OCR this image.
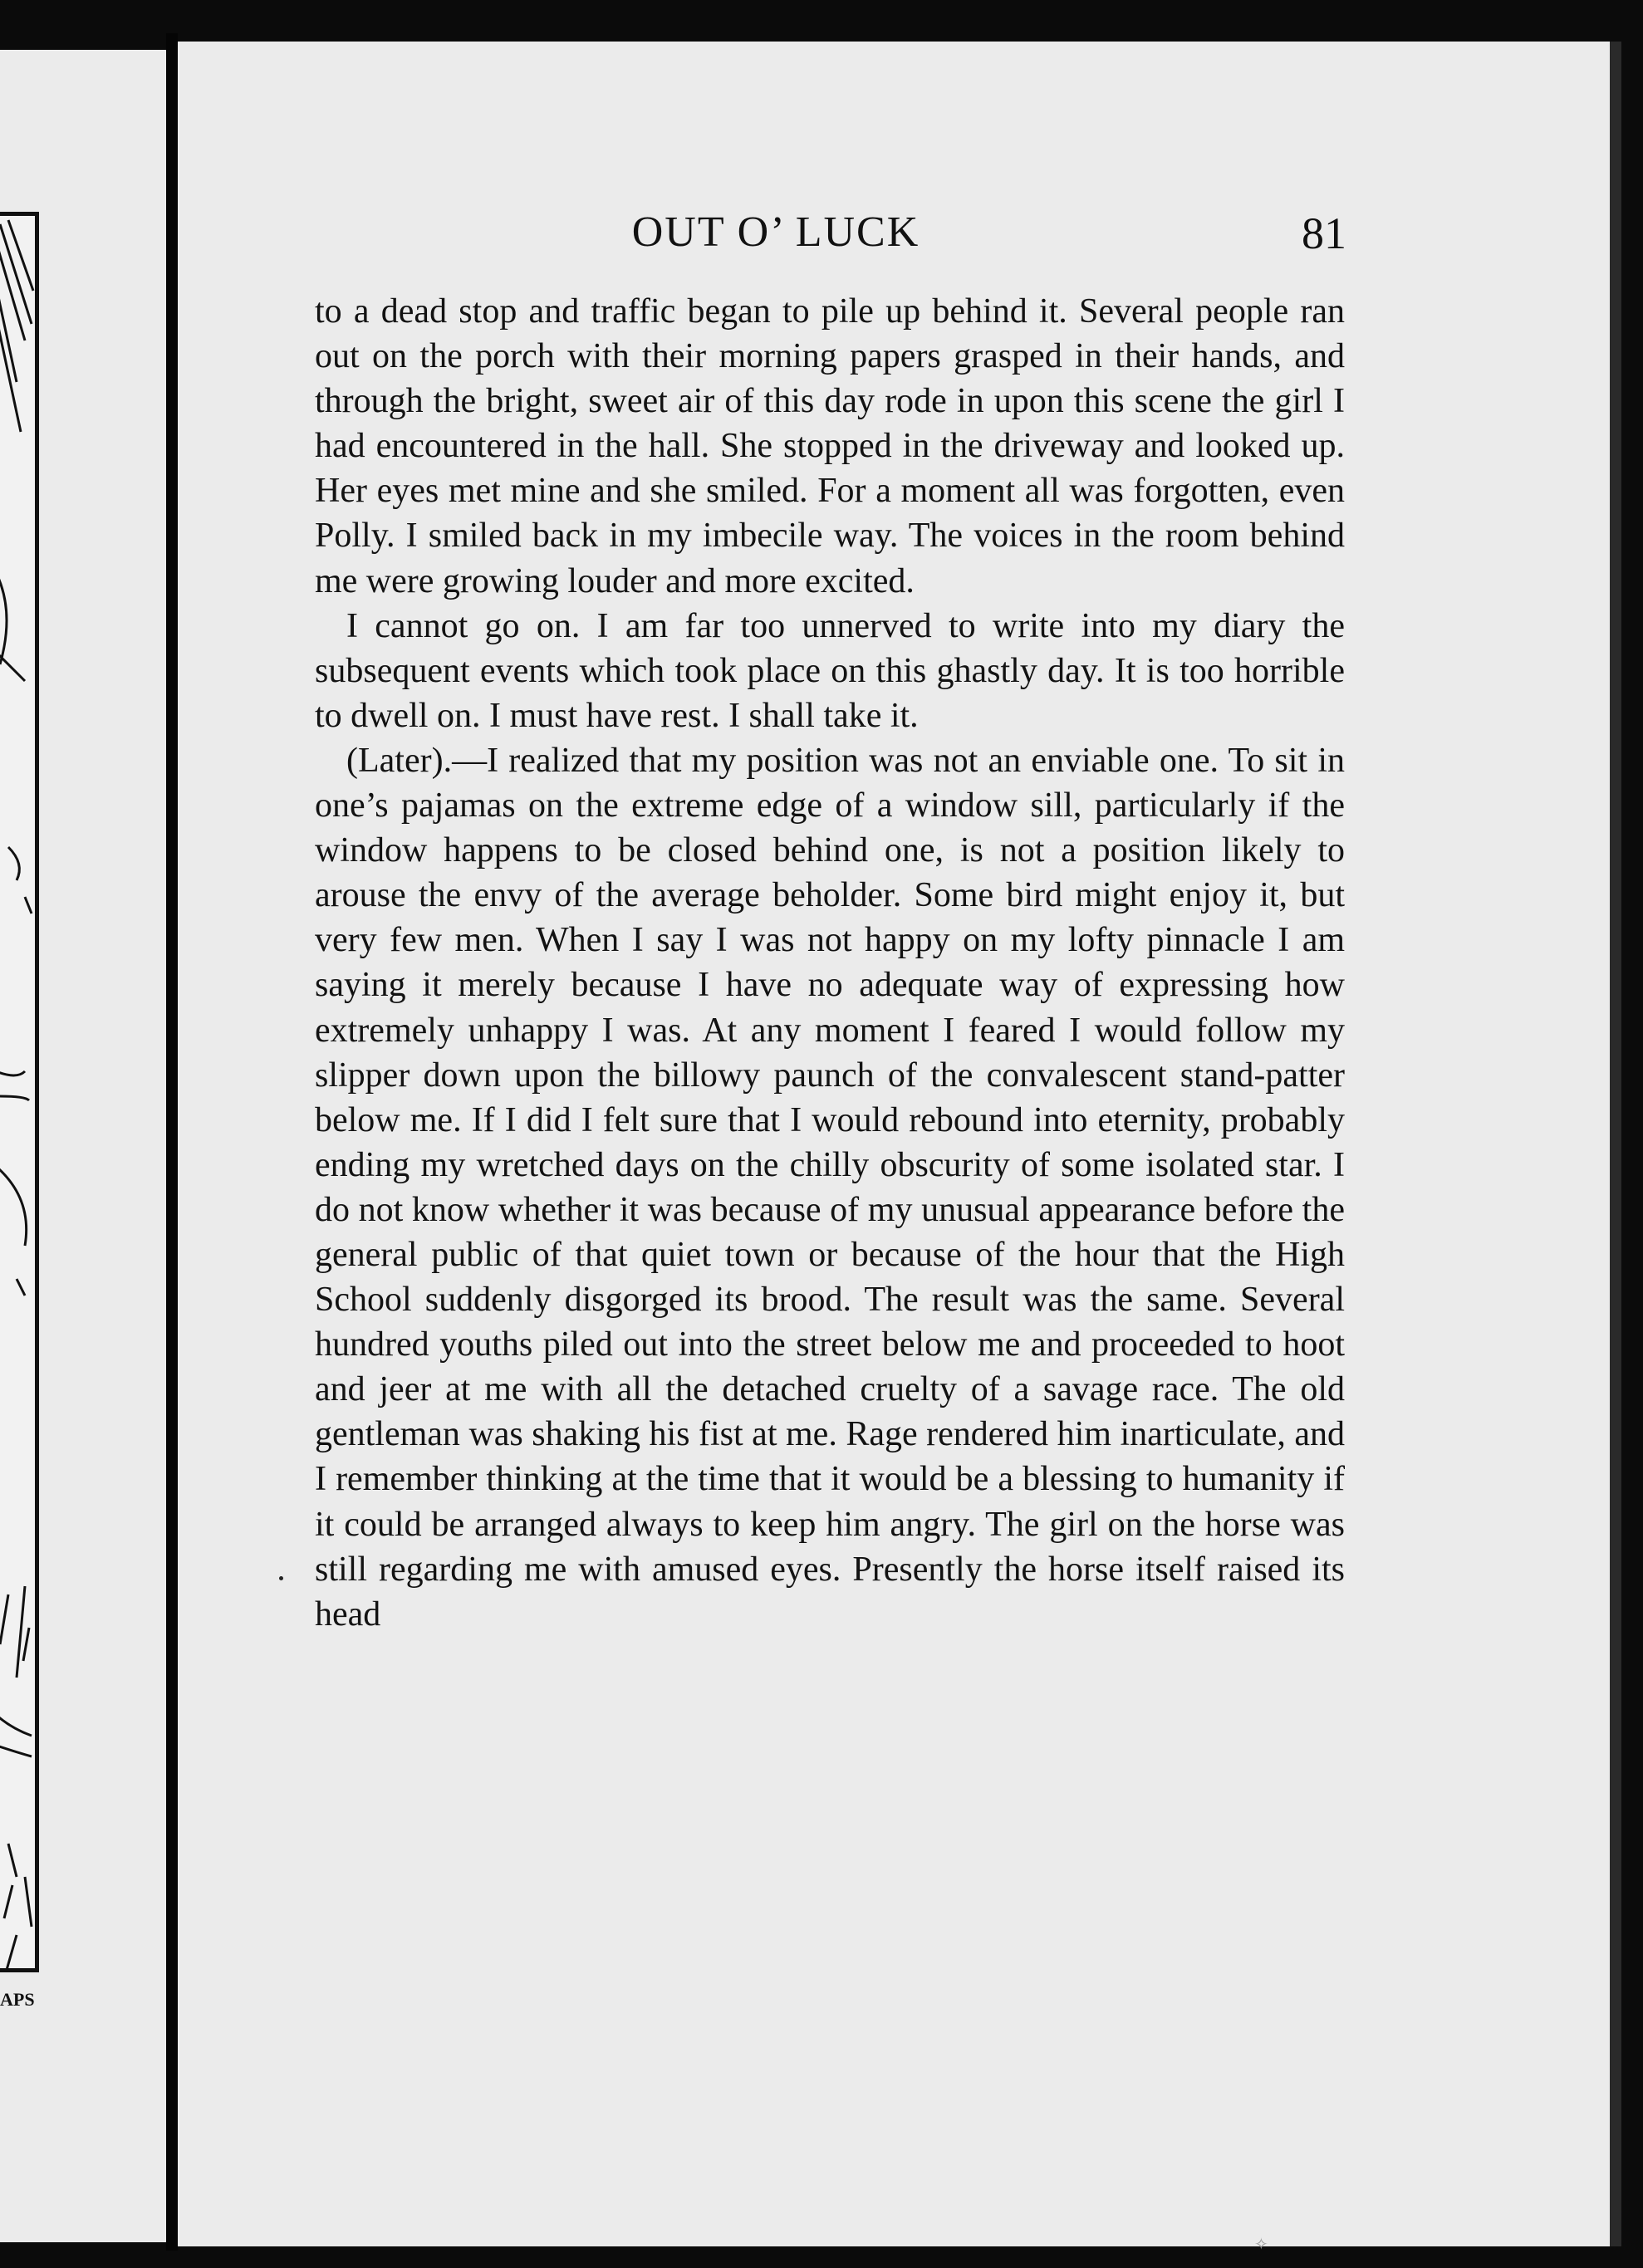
APS
OUT O’ LUCK	81

to a dead stop and traffic began to pile up behind it. Several people ran out on the porch with their morning papers grasped in their hands, and through the bright, sweet air of this day rode in upon this scene the girl I had encountered in the hall. She stopped in the driveway and looked up. Her eyes met mine and she smiled. For a moment all was forgotten, even Polly. I smiled back in my imbecile way. The voices in the room behind me were growing louder and more excited.

I cannot go on. I am far too unnerved to write into my diary the subsequent events which took place on this ghastly day. It is too horrible to dwell on. I must have rest. I shall take it.

(Later).—I realized that my position was not an enviable one. To sit in one’s pajamas on the extreme edge of a window sill, particularly if the window happens to be closed behind one, is not a position likely to arouse the envy of the average beholder. Some bird might enjoy it, but very few men. When I say I was not happy on my lofty pinnacle I am saying it merely because I have no adequate way of expressing how extremely unhappy I was. At any moment I feared I would follow my slipper down upon the billowy paunch of the convalescent stand-patter below me. If I did I felt sure that I would rebound into eternity, probably ending my wretched days on the chilly obscurity of some isolated star. I do not know whether it was because of my unusual appearance before the general public of that quiet town or because of the hour that the High School suddenly disgorged its brood. The result was the same. Several hundred youths piled out into the street below me and proceeded to hoot and jeer at me with all the detached cruelty of a savage race. The old gentleman was shaking his fist at me. Rage rendered him inarticulate, and I remember thinking at the time that it would be a blessing to humanity if it could be arranged always to keep him angry. The girl on the horse was still regarding me with amused eyes. Presently the horse itself raised its head

✧
